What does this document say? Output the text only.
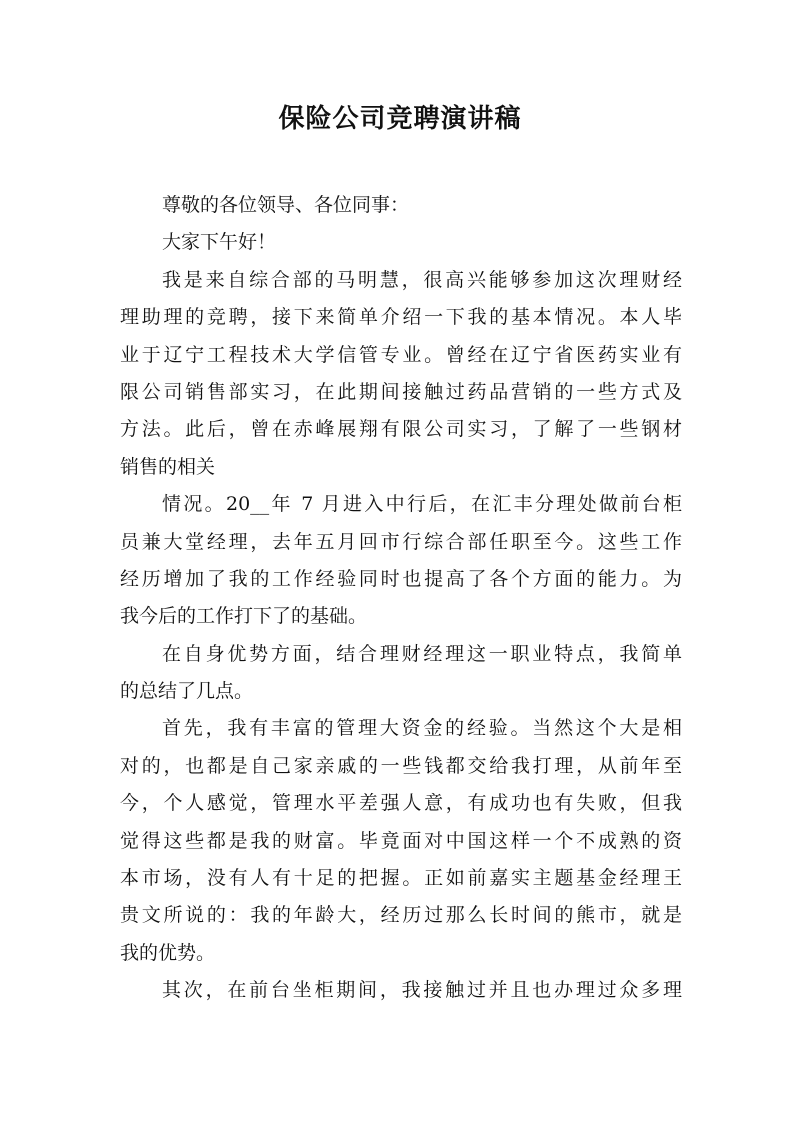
保险公司竞聘演讲稿
尊敬的各位领导、各位同事：
大家下午好！
我是来自综合部的马明慧，很高兴能够参加这次理财经
理助理的竞聘，接下来简单介绍一下我的基本情况。本人毕
业于辽宁工程技术大学信管专业。曾经在辽宁省医药实业有
限公司销售部实习，在此期间接触过药品营销的一些方式及
方法。此后，曾在赤峰展翔有限公司实习，了解了一些钢材
销售的相关
情况。20__年 7 月进入中行后，在汇丰分理处做前台柜
员兼大堂经理，去年五月回市行综合部任职至今。这些工作
经历增加了我的工作经验同时也提高了各个方面的能力。为
我今后的工作打下了的基础。
在自身优势方面，结合理财经理这一职业特点，我简单
的总结了几点。
首先，我有丰富的管理大资金的经验。当然这个大是相
对的，也都是自己家亲戚的一些钱都交给我打理，从前年至
今，个人感觉，管理水平差强人意，有成功也有失败，但我
觉得这些都是我的财富。毕竟面对中国这样一个不成熟的资
本市场，没有人有十足的把握。正如前嘉实主题基金经理王
贵文所说的：我的年龄大，经历过那么长时间的熊市，就是
我的优势。
其次，在前台坐柜期间，我接触过并且也办理过众多理
